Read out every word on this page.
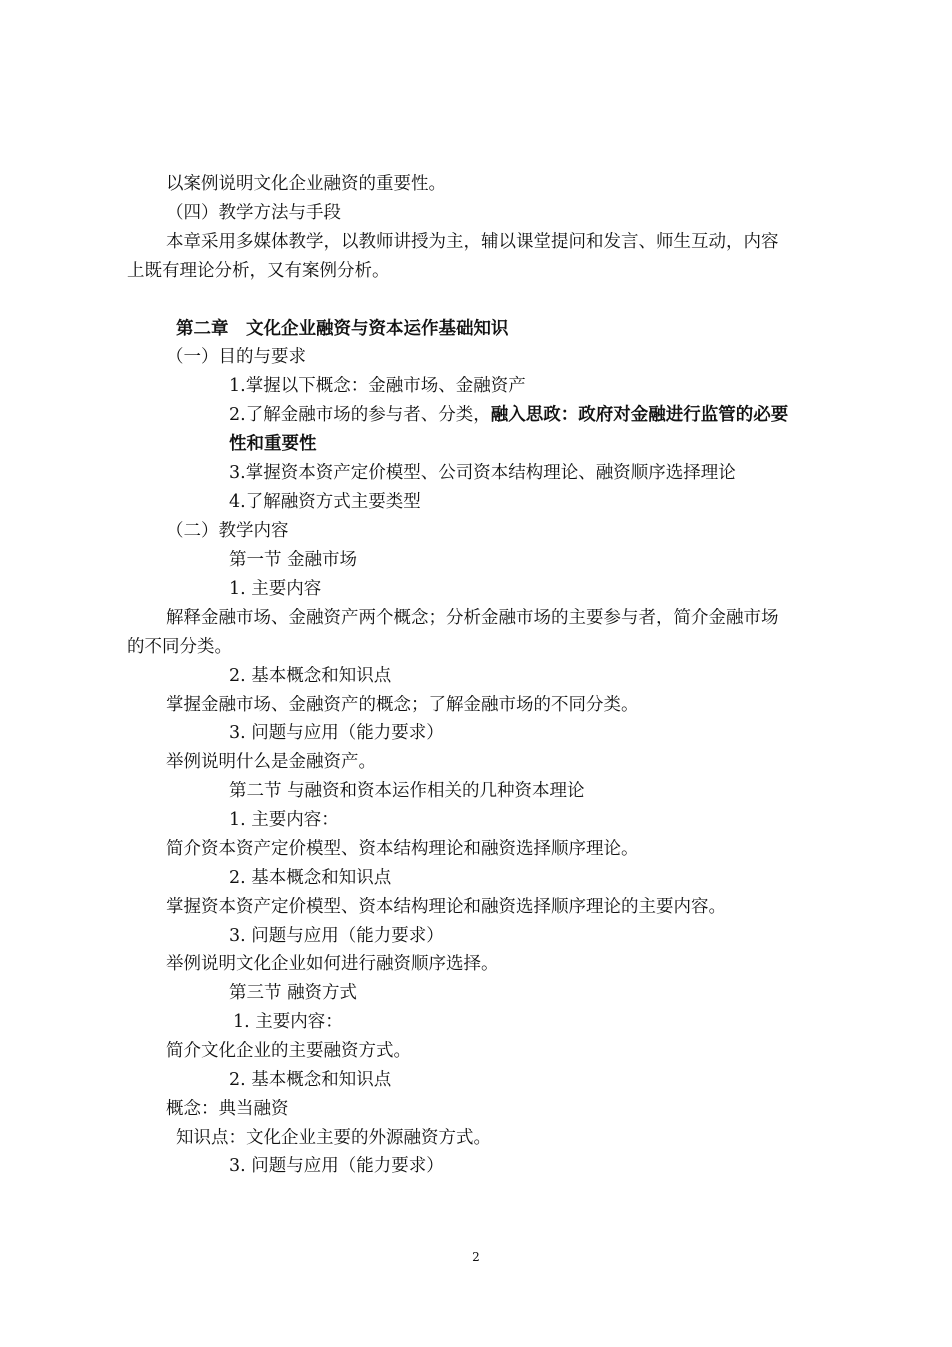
以案例说明文化企业融资的重要性。
（四）教学方法与手段
本章采用多媒体教学，以教师讲授为主，辅以课堂提问和发言、师生互动，内容
上既有理论分析，又有案例分析。
第二章　文化企业融资与资本运作基础知识
（一）目的与要求
1.掌握以下概念：金融市场、金融资产
2.了解金融市场的参与者、分类，融入思政：政府对金融进行监管的必要
性和重要性
3.掌握资本资产定价模型、公司资本结构理论、融资顺序选择理论
4.了解融资方式主要类型
（二）教学内容
第一节 金融市场
1. 主要内容
解释金融市场、金融资产两个概念；分析金融市场的主要参与者，简介金融市场
的不同分类。
2. 基本概念和知识点
掌握金融市场、金融资产的概念；了解金融市场的不同分类。
3. 问题与应用（能力要求）
举例说明什么是金融资产。
第二节 与融资和资本运作相关的几种资本理论
1. 主要内容：
简介资本资产定价模型、资本结构理论和融资选择顺序理论。
2. 基本概念和知识点
掌握资本资产定价模型、资本结构理论和融资选择顺序理论的主要内容。
3. 问题与应用（能力要求）
举例说明文化企业如何进行融资顺序选择。
第三节 融资方式
1. 主要内容：
简介文化企业的主要融资方式。
2. 基本概念和知识点
概念：典当融资
知识点：文化企业主要的外源融资方式。
3. 问题与应用（能力要求）
2
